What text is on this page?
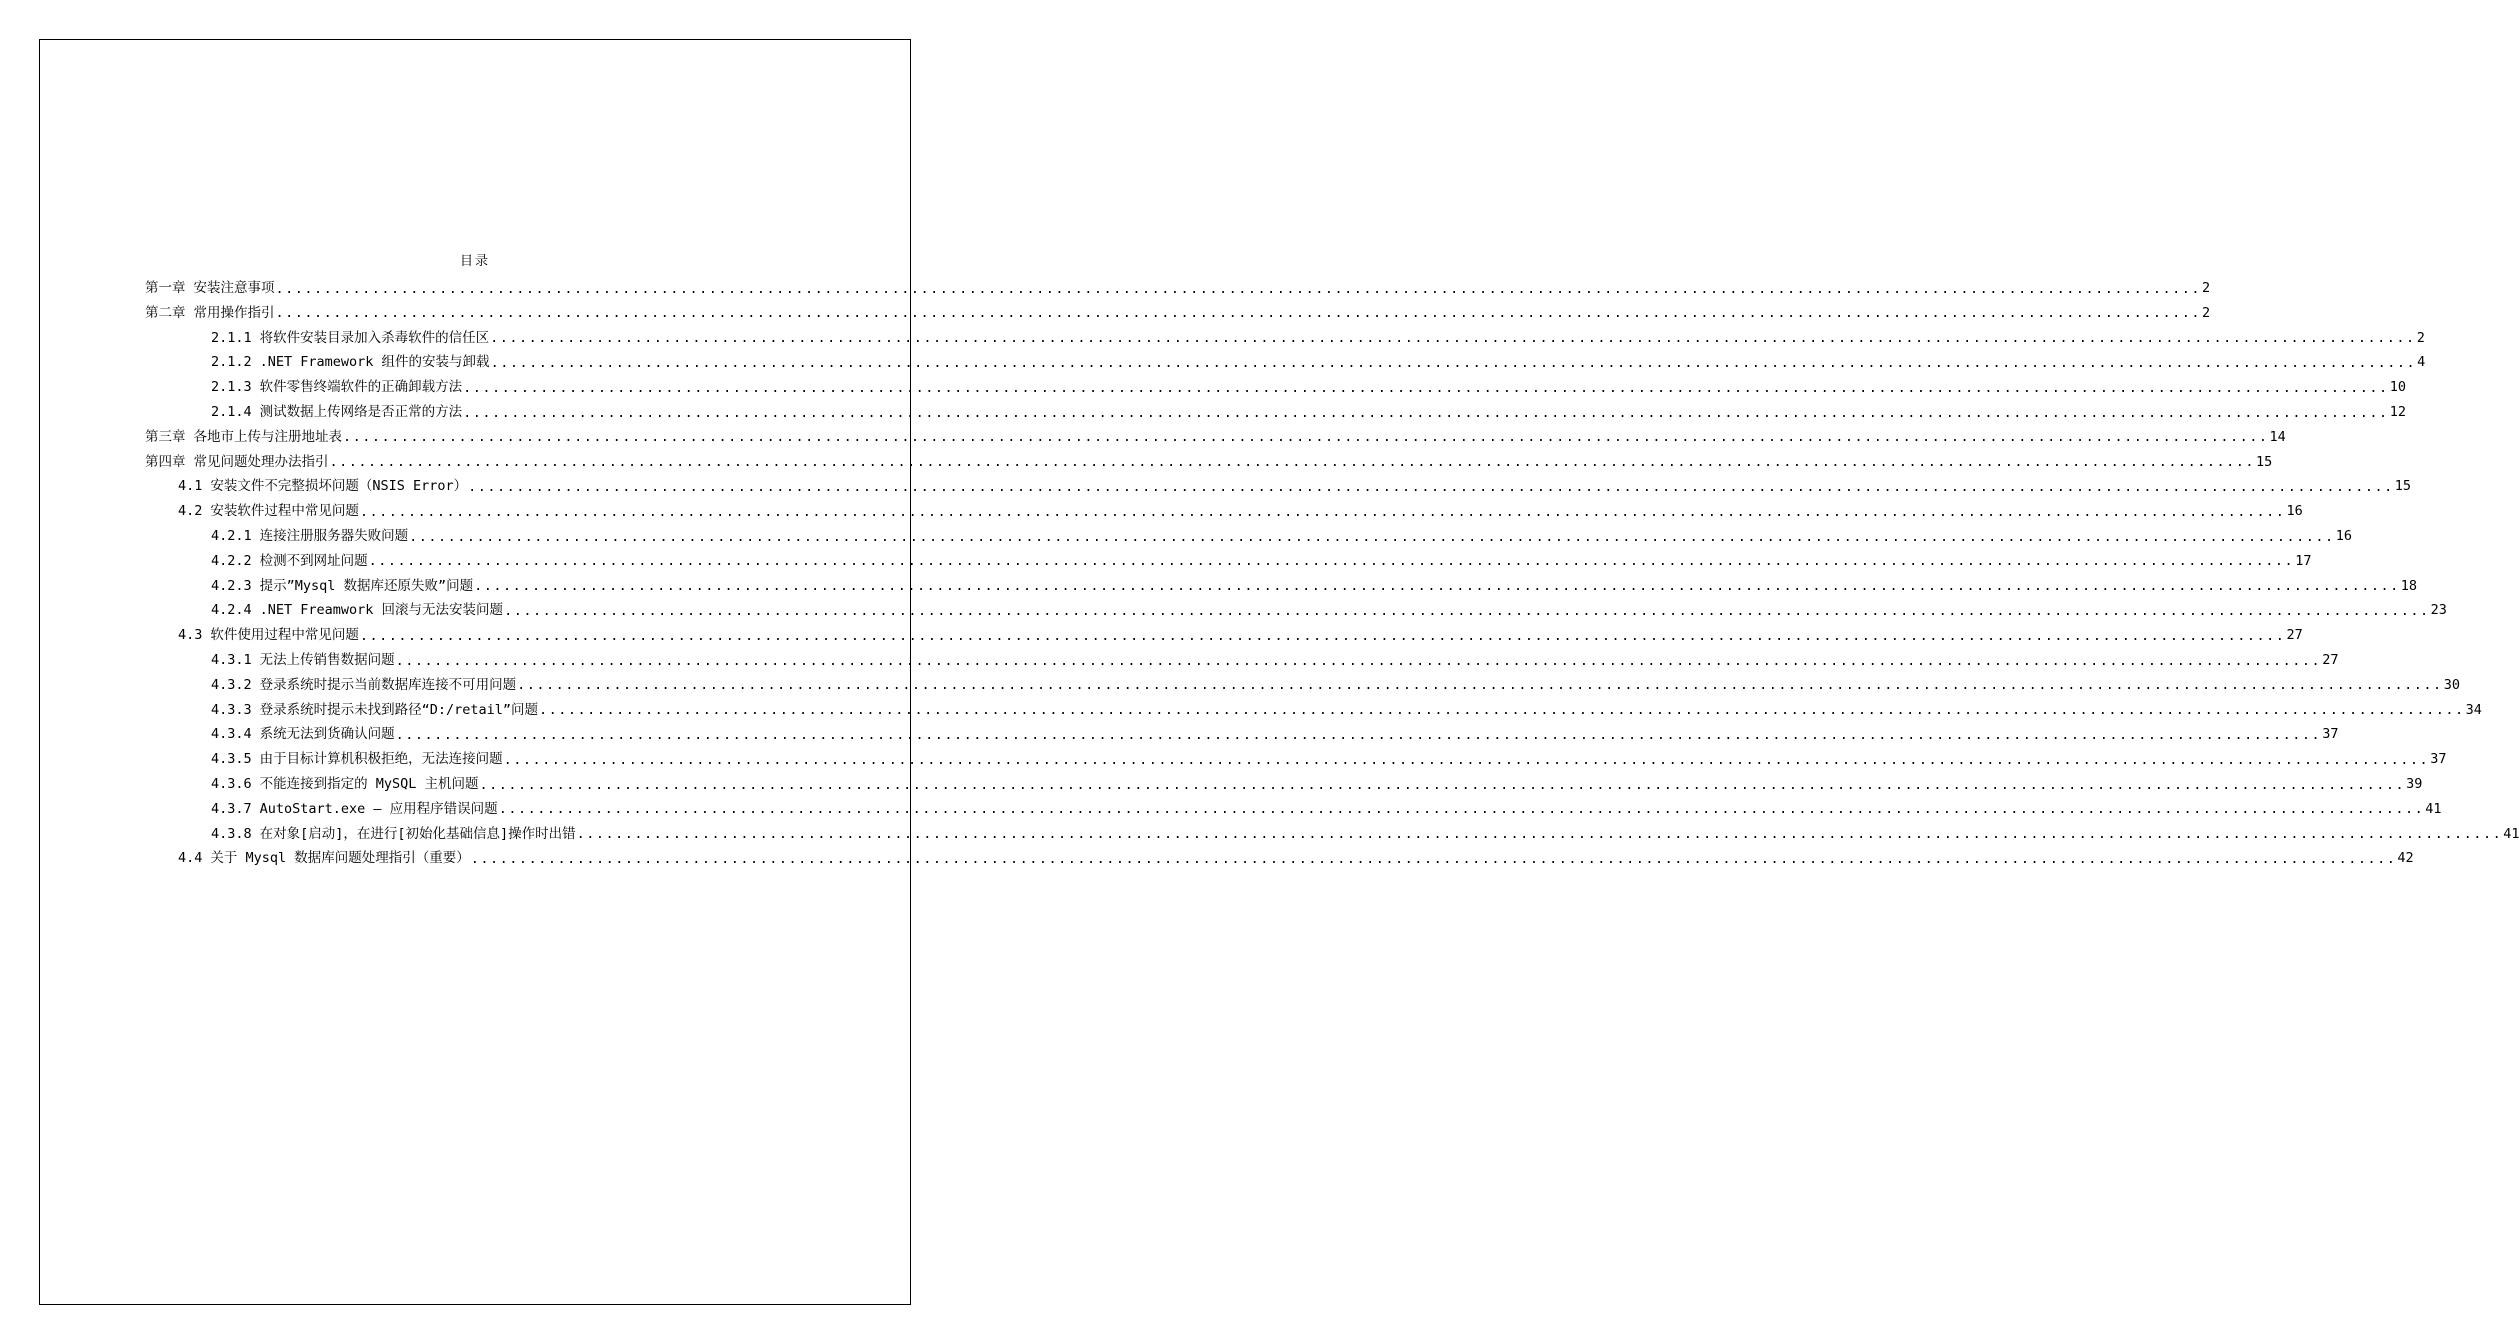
目录
第一章 安装注意事项 ........................................................................................................................................................................................................ 2
第二章 常用操作指引 ........................................................................................................................................................................................................ 2
2.1.1 将软件安装目录加入杀毒软件的信任区 ........................................................................................................................................................................................................ 2
2.1.2 .NET Framework 组件的安装与卸载 ........................................................................................................................................................................................................ 4
2.1.3 软件零售终端软件的正确卸载方法 ........................................................................................................................................................................................................ 10
2.1.4 测试数据上传网络是否正常的方法 ........................................................................................................................................................................................................ 12
第三章 各地市上传与注册地址表 ........................................................................................................................................................................................................ 14
第四章 常见问题处理办法指引 ........................................................................................................................................................................................................ 15
4.1 安装文件不完整损坏问题（NSIS Error） ........................................................................................................................................................................................................ 15
4.2 安装软件过程中常见问题 ........................................................................................................................................................................................................ 16
4.2.1 连接注册服务器失败问题 ........................................................................................................................................................................................................ 16
4.2.2 检测不到网址问题 ........................................................................................................................................................................................................ 17
4.2.3 提示”Mysql 数据库还原失败”问题 ........................................................................................................................................................................................................ 18
4.2.4 .NET Freamwork 回滚与无法安装问题 ........................................................................................................................................................................................................ 23
4.3 软件使用过程中常见问题 ........................................................................................................................................................................................................ 27
4.3.1 无法上传销售数据问题 ........................................................................................................................................................................................................ 27
4.3.2 登录系统时提示当前数据库连接不可用问题 ........................................................................................................................................................................................................ 30
4.3.3 登录系统时提示未找到路径“D:/retail”问题 ........................................................................................................................................................................................................ 34
4.3.4 系统无法到货确认问题 ........................................................................................................................................................................................................ 37
4.3.5 由于目标计算机积极拒绝，无法连接问题 ........................................................................................................................................................................................................ 37
4.3.6 不能连接到指定的 MySQL 主机问题 ........................................................................................................................................................................................................ 39
4.3.7 AutoStart.exe – 应用程序错误问题 ........................................................................................................................................................................................................ 41
4.3.8 在对象[启动]，在进行[初始化基础信息]操作时出错 ........................................................................................................................................................................................................ 41
4.4 关于 Mysql 数据库问题处理指引（重要） ........................................................................................................................................................................................................ 42
